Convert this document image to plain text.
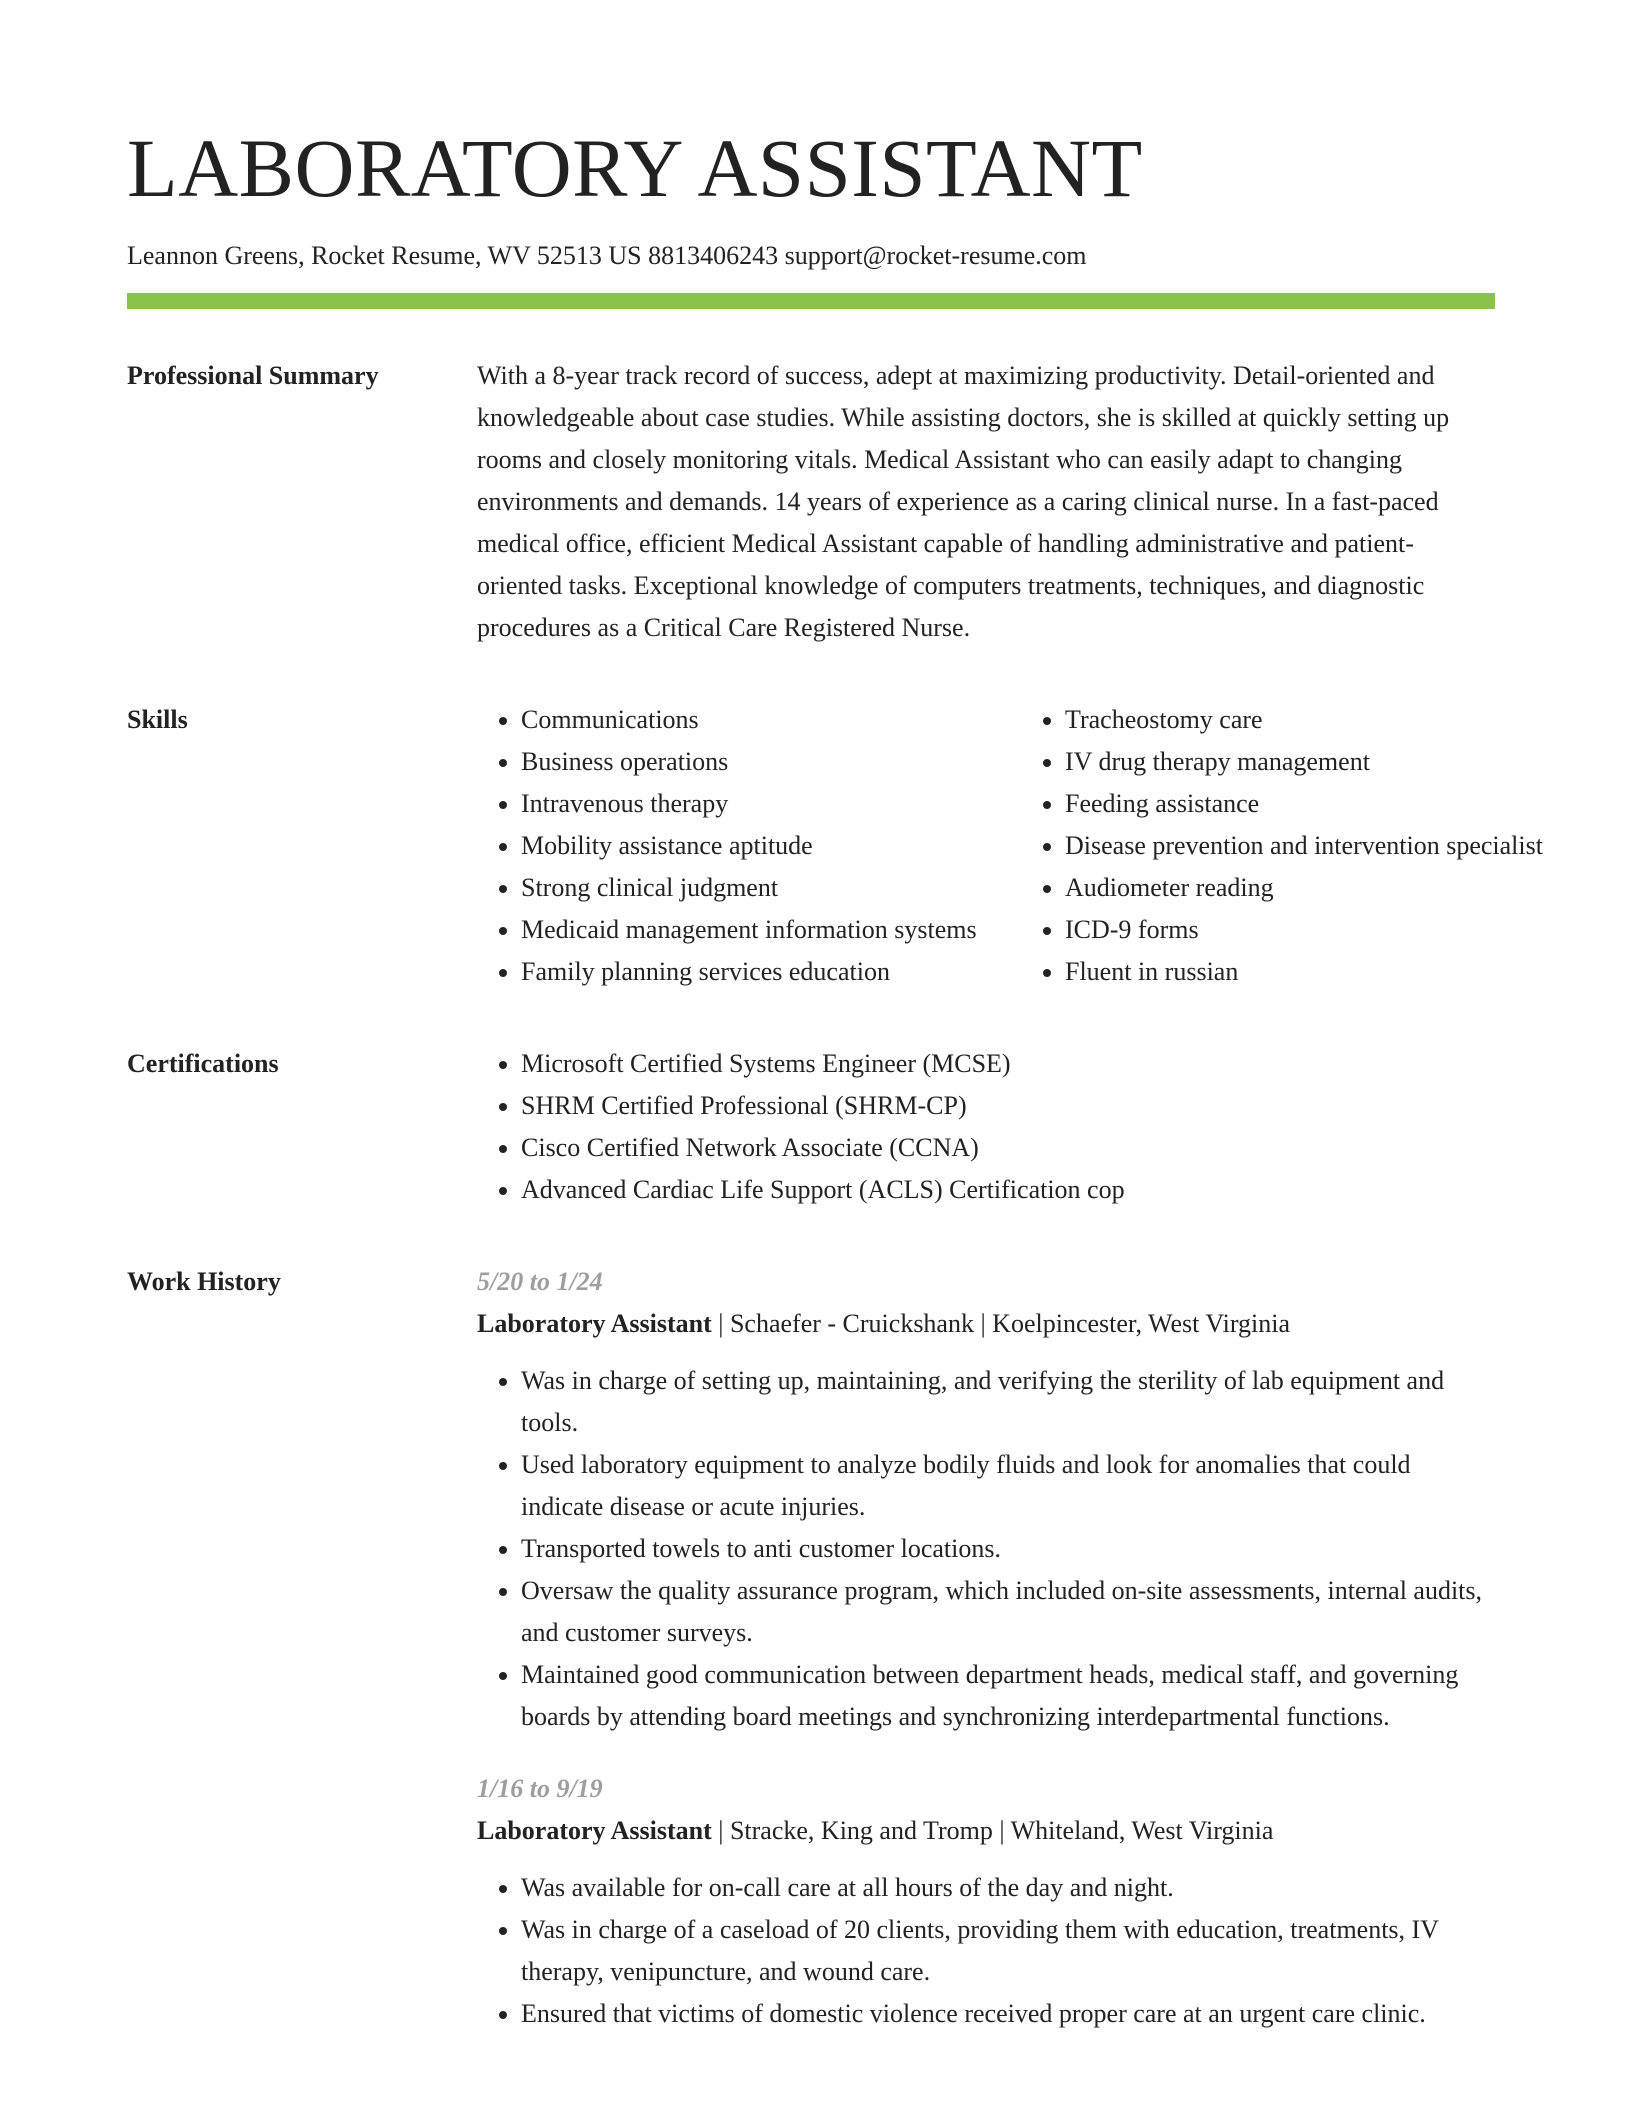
LABORATORY ASSISTANT
Leannon Greens, Rocket Resume, WV 52513 US 8813406243 support@rocket-resume.com
Professional Summary	With a 8-year track record of success, adept at maximizing productivity. Detail-oriented and knowledgeable about case studies. While assisting doctors, she is skilled at quickly setting up rooms and closely monitoring vitals. Medical Assistant who can easily adapt to changing environments and demands. 14 years of experience as a caring clinical nurse. In a fast-paced medical office, efficient Medical Assistant capable of handling administrative and patient-oriented tasks. Exceptional knowledge of computers treatments, techniques, and diagnostic procedures as a Critical Care Registered Nurse.

Skills	• Communications
• Business operations
• Intravenous therapy
• Mobility assistance aptitude
• Strong clinical judgment
• Medicaid management information systems
• Family planning services education
• Tracheostomy care
• IV drug therapy management
• Feeding assistance
• Disease prevention and intervention specialist
• Audiometer reading
• ICD-9 forms
• Fluent in russian
Certifications	• Microsoft Certified Systems Engineer (MCSE)
• SHRM Certified Professional (SHRM-CP)
• Cisco Certified Network Associate (CCNA)
• Advanced Cardiac Life Support (ACLS) Certification cop
Work History	5/20 to 1/24
Laboratory Assistant | Schaefer - Cruickshank | Koelpincester, West Virginia
• Was in charge of setting up, maintaining, and verifying the sterility of lab equipment and tools.
• Used laboratory equipment to analyze bodily fluids and look for anomalies that could indicate disease or acute injuries.
• Transported towels to anti customer locations.
• Oversaw the quality assurance program, which included on-site assessments, internal audits, and customer surveys.
• Maintained good communication between department heads, medical staff, and governing boards by attending board meetings and synchronizing interdepartmental functions.
1/16 to 9/19
Laboratory Assistant | Stracke, King and Tromp | Whiteland, West Virginia
• Was available for on-call care at all hours of the day and night.
• Was in charge of a caseload of 20 clients, providing them with education, treatments, IV therapy, venipuncture, and wound care.
• Ensured that victims of domestic violence received proper care at an urgent care clinic.
